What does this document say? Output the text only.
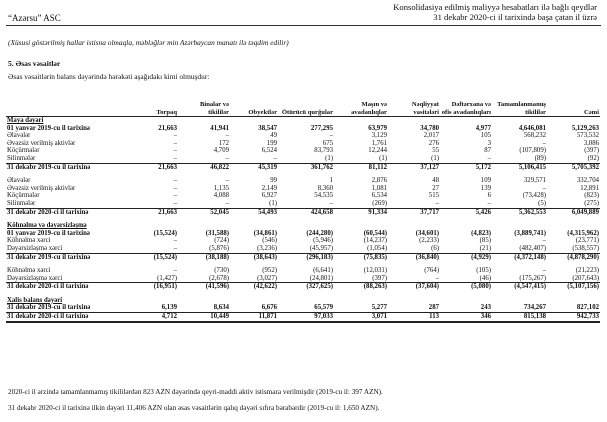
“Azərsu” ASC
Konsolidasiya edilmiş maliyyə hesabatları ilə bağlı qeydlər
31 dekabr 2020-ci il tarixində başa çatan il üzrə
(Xüsusi göstərilmiş hallar istisna olmaqla, məbləğlər min Azərbaycan manatı ilə təqdim edilir)
5. Əsas vəsaitlər
Əsas vəsaitlərin balans dəyərində hərəkəti aşağıdakı kimi olmuşdur:
	Torpaq	Binalar və tikililər	Obyektlər	Ötürücü qurğular	Maşın və avadanlıqlar	Nəqliyyat vasitələri	Dəftərxana və ofis avadanlıqları	Tamamlanmamış tikililər	Cəmi
Maya dəyəri									
01 yanvar 2019-cu il tarixinə	21,663	41,941	38,547	277,295	63,979	34,780	4,977	4,646,081	5,129,263
Əlavələr	–	–	49	–	3,129	2,017	105	568,232	573,532
Əvəzsiz verilmiş aktivlər	–	172	199	675	1,761	276	3	–	3,086
Köçürmələr	–	4,709	6,524	83,793	12,244	55	87	(107,809)	(397)
Silinmələr	–	–	–	(1)	(1)	(1)	–	(89)	(92)
31 dekabr 2019-cu il tarixinə	21,663	46,822	45,319	361,762	81,112	37,127	5,172	5,106,415	5,705,392

Əlavələr	–	–	99	1	2,876	48	109	329,571	332,704
Əvəzsiz verilmiş aktivlər	–	1,135	2,149	8,360	1,081	27	139	–	12,891
Köçürmələr	–	4,088	6,927	54,535	6,534	515	6	(73,428)	(823)
Silinmələr	–	–	(1)	–	(269)	–	–	(5)	(275)
31 dekabr 2020-ci il tarixinə	21,663	52,045	54,493	424,658	91,334	37,717	5,426	5,362,553	6,049,889

Köhnəlmə və dəyərsizləşmə									
01 yanvar 2019-cu il tarixinə	(15,524)	(31,588)	(34,861)	(244,280)	(60,544)	(34,601)	(4,823)	(3,889,741)	(4,315,962)
Köhnəlmə xərci	–	(724)	(546)	(5,946)	(14,237)	(2,233)	(85)	–	(23,771)
Dəyərsizləşmə xərci	–	(5,876)	(3,236)	(45,957)	(1,054)	(6)	(21)	(482,407)	(538,557)
31 dekabr 2019-cu il tarixinə	(15,524)	(38,188)	(38,643)	(296,183)	(75,835)	(36,840)	(4,929)	(4,372,148)	(4,878,290)

Köhnəlmə xərci	–	(730)	(952)	(6,641)	(12,031)	(764)	(105)	–	(21,223)
Dəyərsizləşmə xərci	(1,427)	(2,678)	(3,027)	(24,801)	(397)	–	(46)	(175,267)	(207,643)
31 dekabr 2020-ci il tarixinə	(16,951)	(41,596)	(42,622)	(327,625)	(88,263)	(37,604)	(5,080)	(4,547,415)	(5,107,156)

Xalis balans dəyəri									
31 dekabr 2019-cu il tarixinə	6,139	8,634	6,676	65,579	5,277	287	243	734,267	827,102
31 dekabr 2020-ci il tarixinə	4,712	10,449	11,871	97,033	3,071	113	346	815,138	942,733
2020-ci il ərzində tamamlanmamış tikililərdən 823 AZN dəyərində qeyri-maddi aktiv istismara verilmişdir (2019-cu il: 397 AZN).
31 dekabr 2020-ci il tarixinə ilkin dəyəri 11,406 AZN olan əsas vəsaitlərin qalıq dəyəri sıfıra bərabərdir (2019-cu il: 1,650 AZN).
